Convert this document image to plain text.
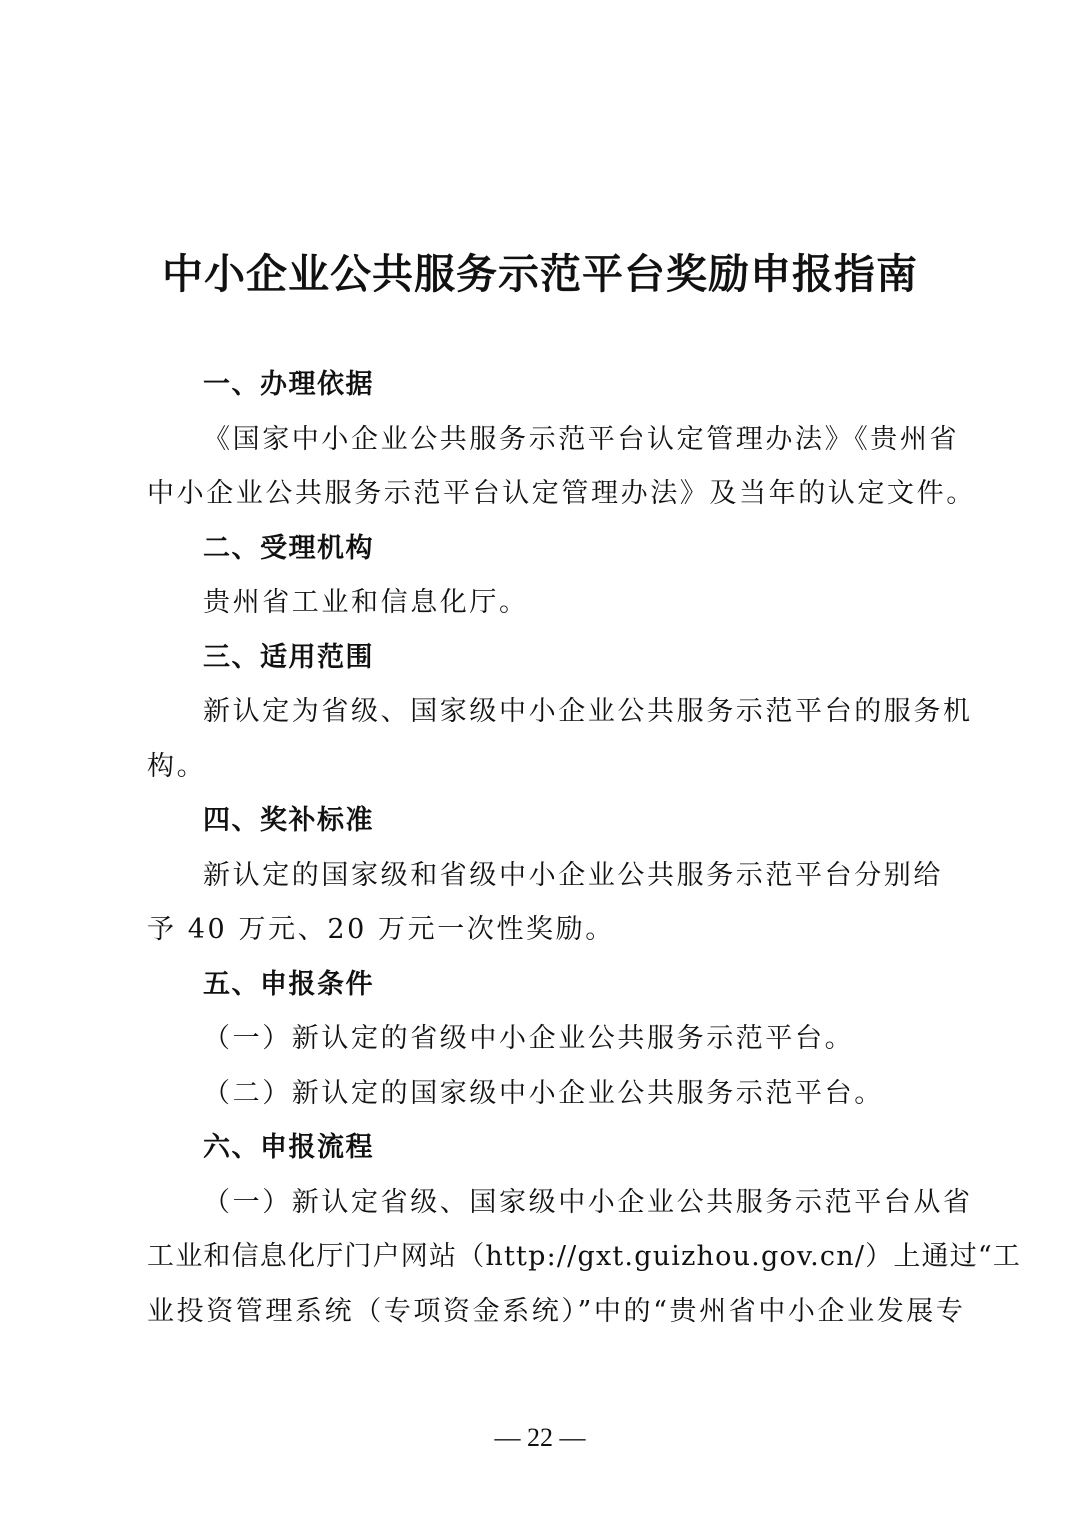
中小企业公共服务示范平台奖励申报指南
一、办理依据
《国家中小企业公共服务示范平台认定管理办法》《贵州省
中小企业公共服务示范平台认定管理办法》及当年的认定文件。
二、受理机构
贵州省工业和信息化厅。
三、适用范围
新认定为省级、国家级中小企业公共服务示范平台的服务机
构。
四、奖补标准
新认定的国家级和省级中小企业公共服务示范平台分别给
予 40 万元、20 万元一次性奖励。
五、申报条件
（一）新认定的省级中小企业公共服务示范平台。
（二）新认定的国家级中小企业公共服务示范平台。
六、申报流程
（一）新认定省级、国家级中小企业公共服务示范平台从省
工业和信息化厅门户网站（http://gxt.guizhou.gov.cn/）上通过“工
业投资管理系统（专项资金系统）”中的“贵州省中小企业发展专
— 22 —
